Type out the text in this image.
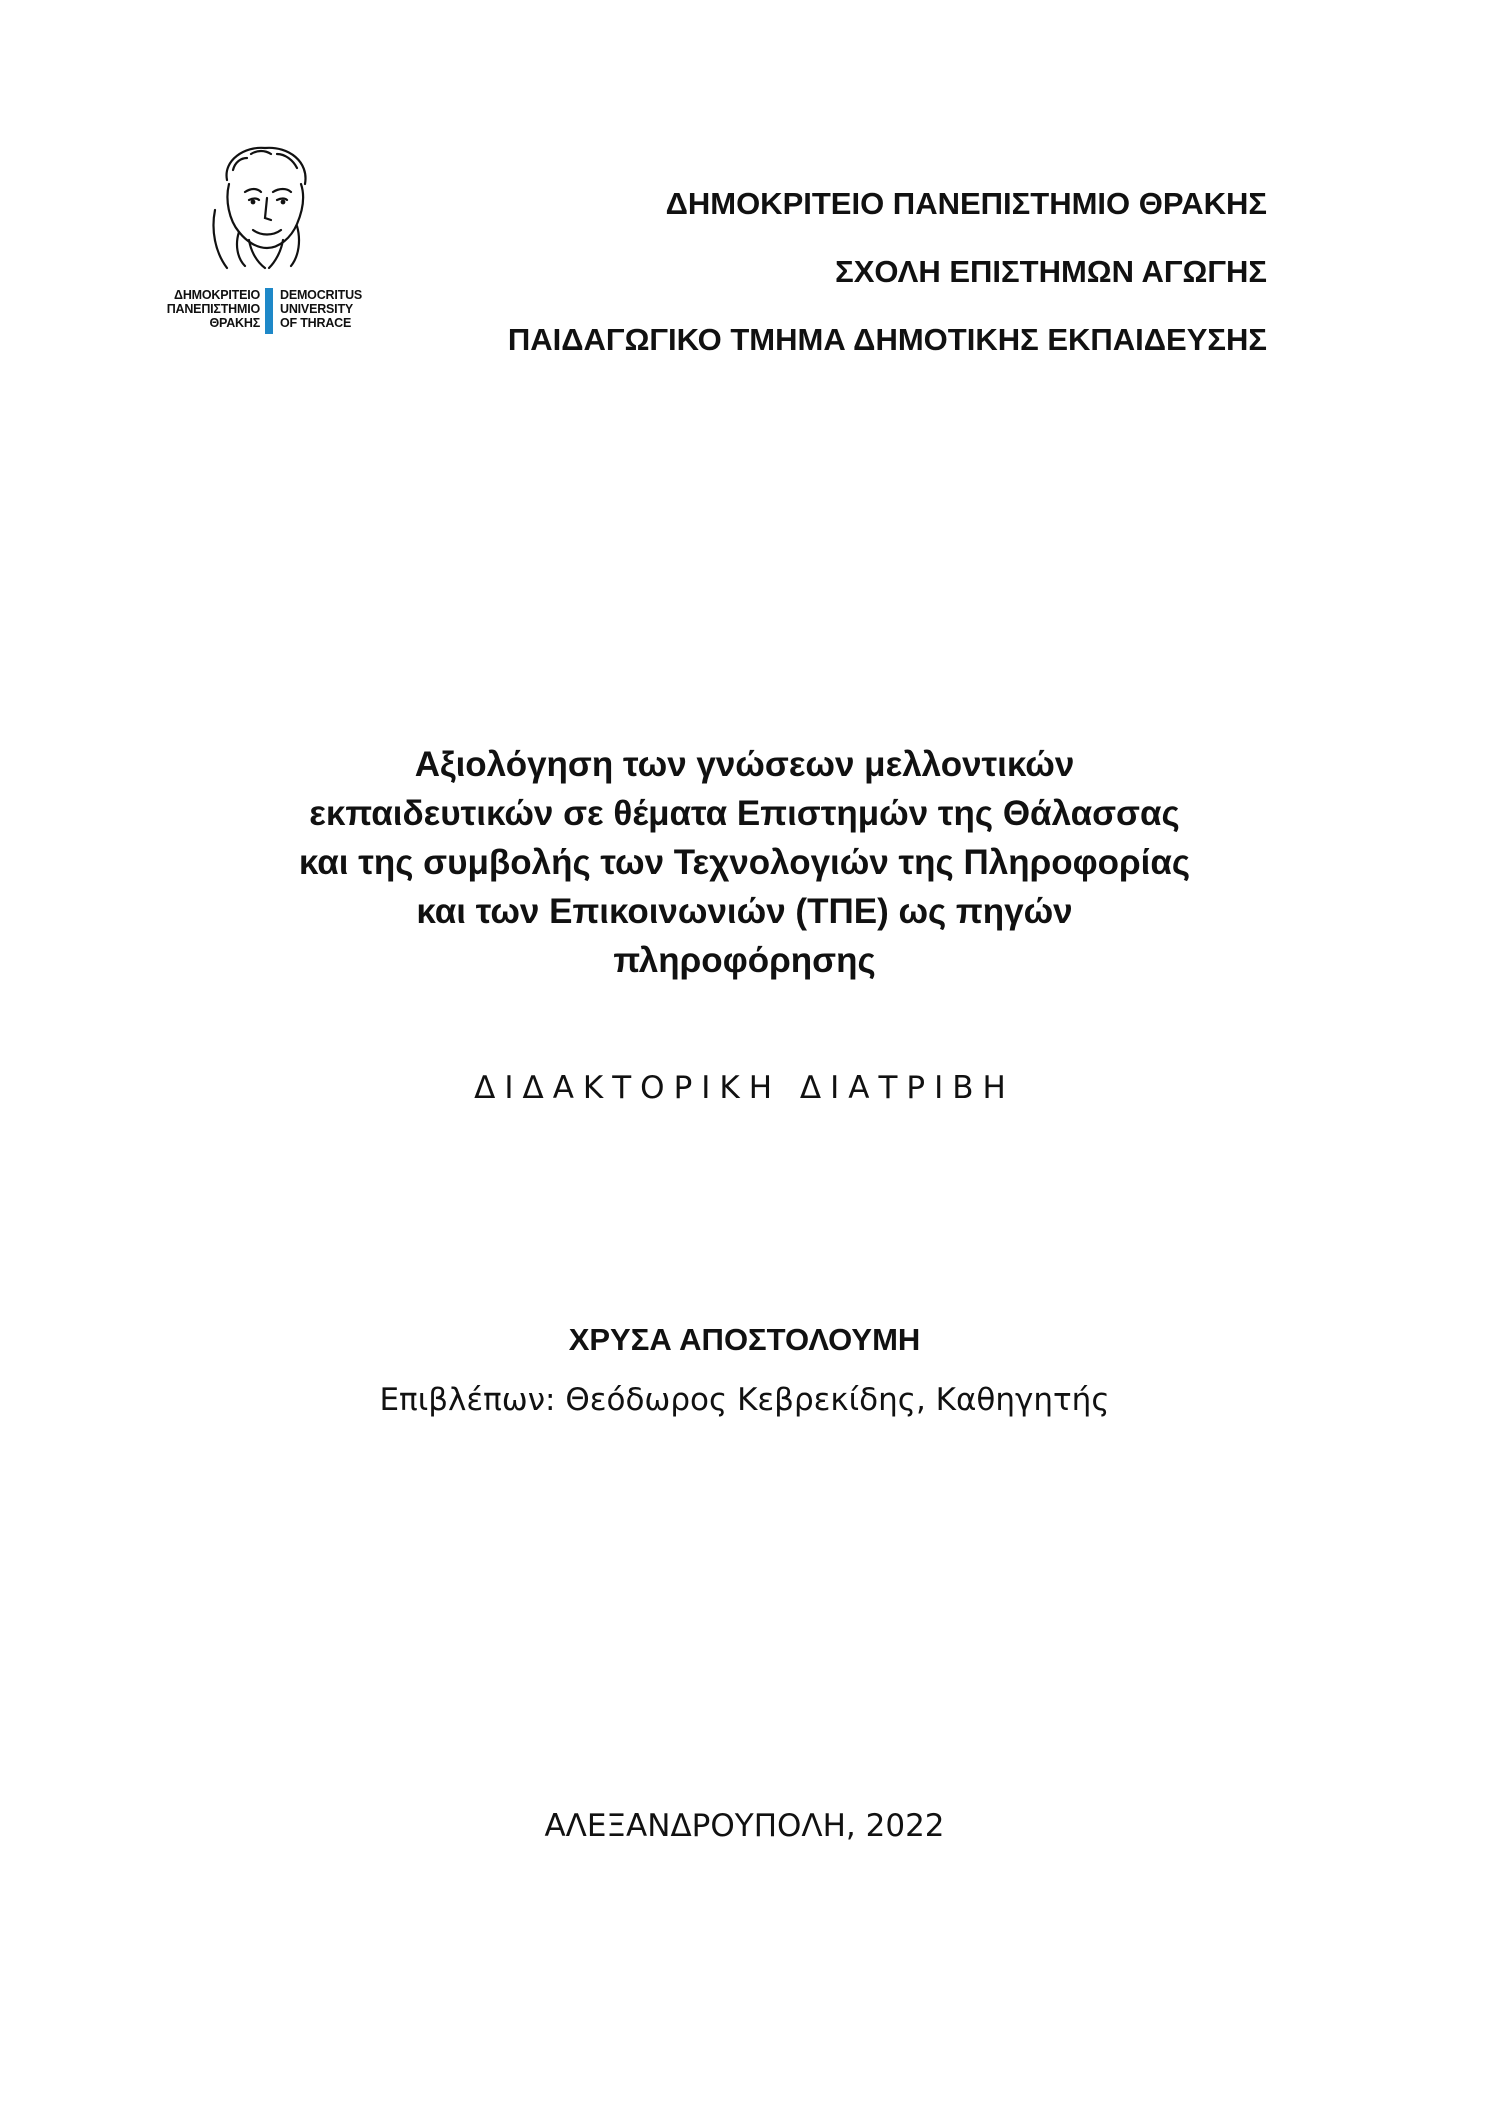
ΔΗΜΟΚΡΙΤΕΙΟ
ΠΑΝΕΠΙΣΤΗΜΙΟ
ΘΡΑΚΗΣ
DEMOCRITUS
UNIVERSITY
OF THRACE
ΔΗΜΟΚΡΙΤΕΙΟ ΠΑΝΕΠΙΣΤΗΜΙΟ ΘΡΑΚΗΣ
ΣΧΟΛΗ ΕΠΙΣΤΗΜΩΝ ΑΓΩΓΗΣ
ΠΑΙΔΑΓΩΓΙΚΟ ΤΜΗΜΑ ΔΗΜΟΤΙΚΗΣ ΕΚΠΑΙΔΕΥΣΗΣ
Αξιολόγηση των γνώσεων μελλοντικών
εκπαιδευτικών σε θέματα Επιστημών της Θάλασσας
και της συμβολής των Τεχνολογιών της Πληροφορίας
και των Επικοινωνιών (ΤΠΕ) ως πηγών
πληροφόρησης
ΔΙΔΑΚΤΟΡΙΚΗ ΔΙΑΤΡΙΒΗ
ΧΡΥΣΑ ΑΠΟΣΤΟΛΟΥΜΗ
Επιβλέπων: Θεόδωρος Κεβρεκίδης, Καθηγητής
ΑΛΕΞΑΝΔΡΟΥΠΟΛΗ, 2022
